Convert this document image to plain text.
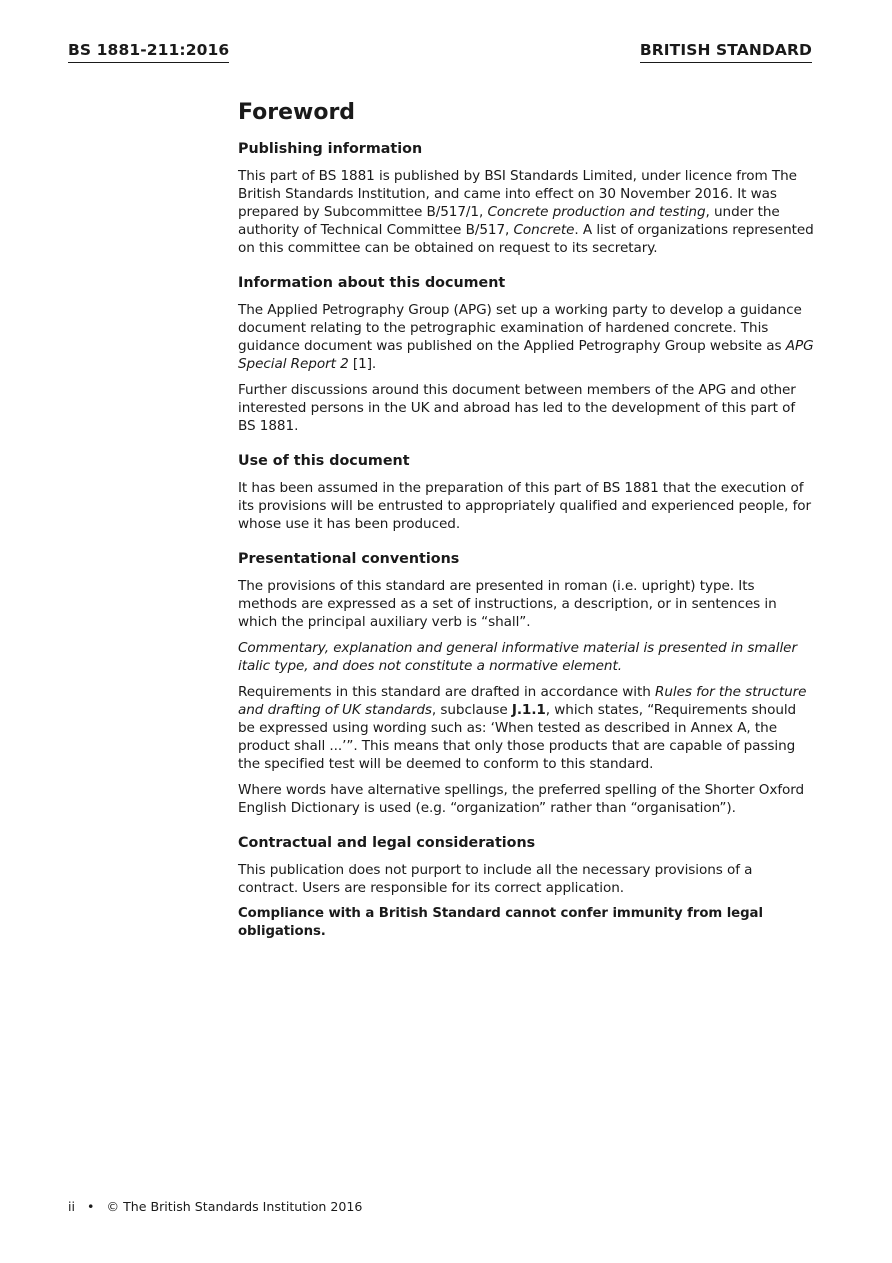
BS 1881-211:2016	BRITISH STANDARD
Foreword
Publishing information

This part of BS 1881 is published by BSI Standards Limited, under licence from The British Standards Institution, and came into effect on 30 November 2016. It was prepared by Subcommittee B/517/1, Concrete production and testing, under the authority of Technical Committee B/517, Concrete. A list of organizations represented on this committee can be obtained on request to its secretary.

Information about this document

The Applied Petrography Group (APG) set up a working party to develop a guidance document relating to the petrographic examination of hardened concrete. This guidance document was published on the Applied Petrography Group website as APG Special Report 2 [1].

Further discussions around this document between members of the APG and other interested persons in the UK and abroad has led to the development of this part of BS 1881.

Use of this document

It has been assumed in the preparation of this part of BS 1881 that the execution of its provisions will be entrusted to appropriately qualified and experienced people, for whose use it has been produced.

Presentational conventions

The provisions of this standard are presented in roman (i.e. upright) type. Its methods are expressed as a set of instructions, a description, or in sentences in which the principal auxiliary verb is “shall”.

Commentary, explanation and general informative material is presented in smaller italic type, and does not constitute a normative element.

Requirements in this standard are drafted in accordance with Rules for the structure and drafting of UK standards, subclause J.1.1, which states, “Requirements should be expressed using wording such as: ‘When tested as described in Annex A, the product shall ...’”. This means that only those products that are capable of passing the specified test will be deemed to conform to this standard.

Where words have alternative spellings, the preferred spelling of the Shorter Oxford English Dictionary is used (e.g. “organization” rather than “organisation”).

Contractual and legal considerations

This publication does not purport to include all the necessary provisions of a contract. Users are responsible for its correct application.

Compliance with a British Standard cannot confer immunity from legal obligations.

ii • © The British Standards Institution 2016
